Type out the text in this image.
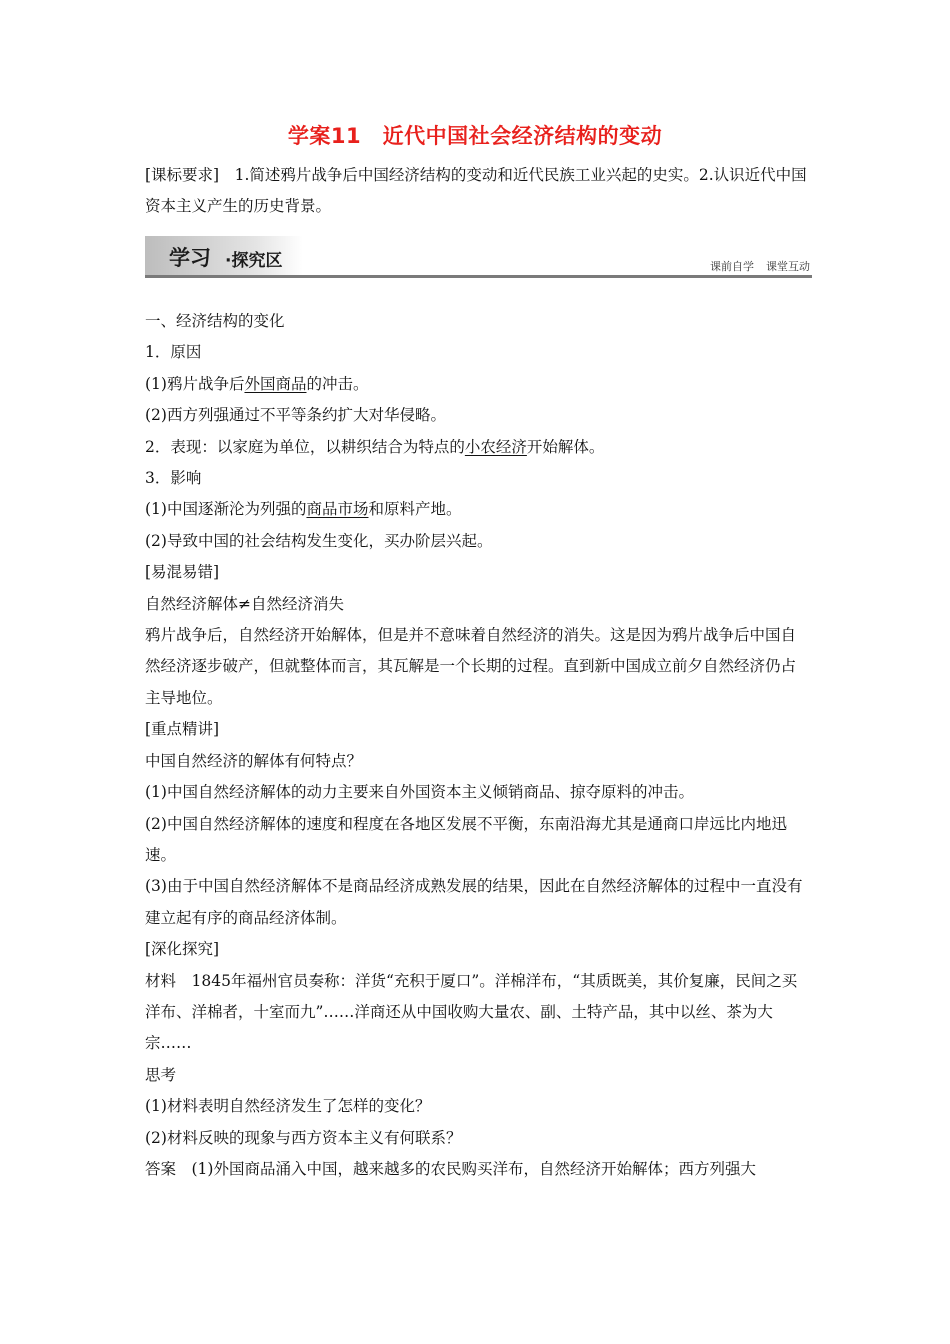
学案11　近代中国社会经济结构的变动
[课标要求]　1.简述鸦片战争后中国经济结构的变动和近代民族工业兴起的史实。2.认识近代中国资本主义产生的历史背景。
学习 ·探究区	课前自学 课堂互动

一、经济结构的变化

1．原因

(1)鸦片战争后外国商品的冲击。

(2)西方列强通过不平等条约扩大对华侵略。

2．表现：以家庭为单位，以耕织结合为特点的小农经济开始解体。

3．影响

(1)中国逐渐沦为列强的商品市场和原料产地。

(2)导致中国的社会结构发生变化，买办阶层兴起。

[易混易错]

自然经济解体≠自然经济消失

鸦片战争后，自然经济开始解体，但是并不意味着自然经济的消失。这是因为鸦片战争后中国自然经济逐步破产，但就整体而言，其瓦解是一个长期的过程。直到新中国成立前夕自然经济仍占主导地位。

[重点精讲]

中国自然经济的解体有何特点？

(1)中国自然经济解体的动力主要来自外国资本主义倾销商品、掠夺原料的冲击。

(2)中国自然经济解体的速度和程度在各地区发展不平衡，东南沿海尤其是通商口岸远比内地迅速。

(3)由于中国自然经济解体不是商品经济成熟发展的结果，因此在自然经济解体的过程中一直没有建立起有序的商品经济体制。

[深化探究]

材料　1845年福州官员奏称：洋货“充积于厦口”。洋棉洋布，“其质既美，其价复廉，民间之买洋布、洋棉者，十室而九”……洋商还从中国收购大量农、副、土特产品，其中以丝、茶为大宗……

思考

(1)材料表明自然经济发生了怎样的变化？

(2)材料反映的现象与西方资本主义有何联系？

答案　(1)外国商品涌入中国，越来越多的农民购买洋布，自然经济开始解体；西方列强大
